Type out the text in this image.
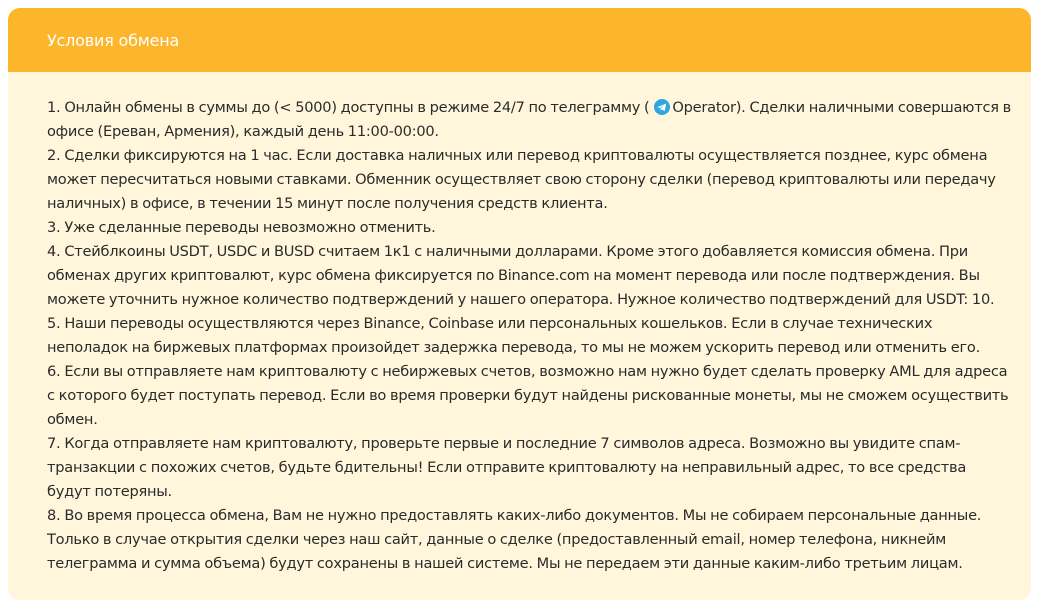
Условия обмена

1. Онлайн обмены в суммы до (< 5000) доступны в режиме 24/7 по телеграмму (
Operator). Сделки наличными совершаются в офисе (Ереван, Армения), каждый день 11:00-00:00.

2. Сделки фиксируются на 1 час. Если доставка наличных или перевод криптовалюты осуществляется позднее, курс обмена может пересчитаться новыми ставками. Обменник осуществляет свою сторону сделки (перевод криптовалюты или передачу наличных) в офисе, в течении 15 минут после получения средств клиента.

3. Уже сделанные переводы невозможно отменить.

4. Стейблкоины USDT, USDC и BUSD считаем 1к1 с наличными долларами. Кроме этого добавляется комиссия обмена. При обменах других криптовалют, курс обмена фиксируется по Binance.com на момент перевода или после подтверждения. Вы можете уточнить нужное количество подтверждений у нашего оператора. Нужное количество подтверждений для USDT: 10.

5. Наши переводы осуществляются через Binance, Coinbase или персональных кошельков. Если в случае технических неполадок на биржевых платформах произойдет задержка перевода, то мы не можем ускорить перевод или отменить его.

6. Если вы отправляете нам криптовалюту с небиржевых счетов, возможно нам нужно будет сделать проверку AML для адреса с которого будет поступать перевод. Если во время проверки будут найдены рискованные монеты, мы не сможем осуществить обмен.

7. Когда отправляете нам криптовалюту, проверьте первые и последние 7 символов адреса. Возможно вы увидите спам-транзакции с похожих счетов, будьте бдительны! Если отправите криптовалюту на неправильный адрес, то все средства будут потеряны.

8. Во время процесса обмена, Вам не нужно предоставлять каких-либо документов. Мы не собираем персональные данные. Только в случае открытия сделки через наш сайт, данные о сделке (предоставленный email, номер телефона, никнейм телеграмма и сумма объема) будут сохранены в нашей системе. Мы не передаем эти данные каким-либо третьим лицам.
